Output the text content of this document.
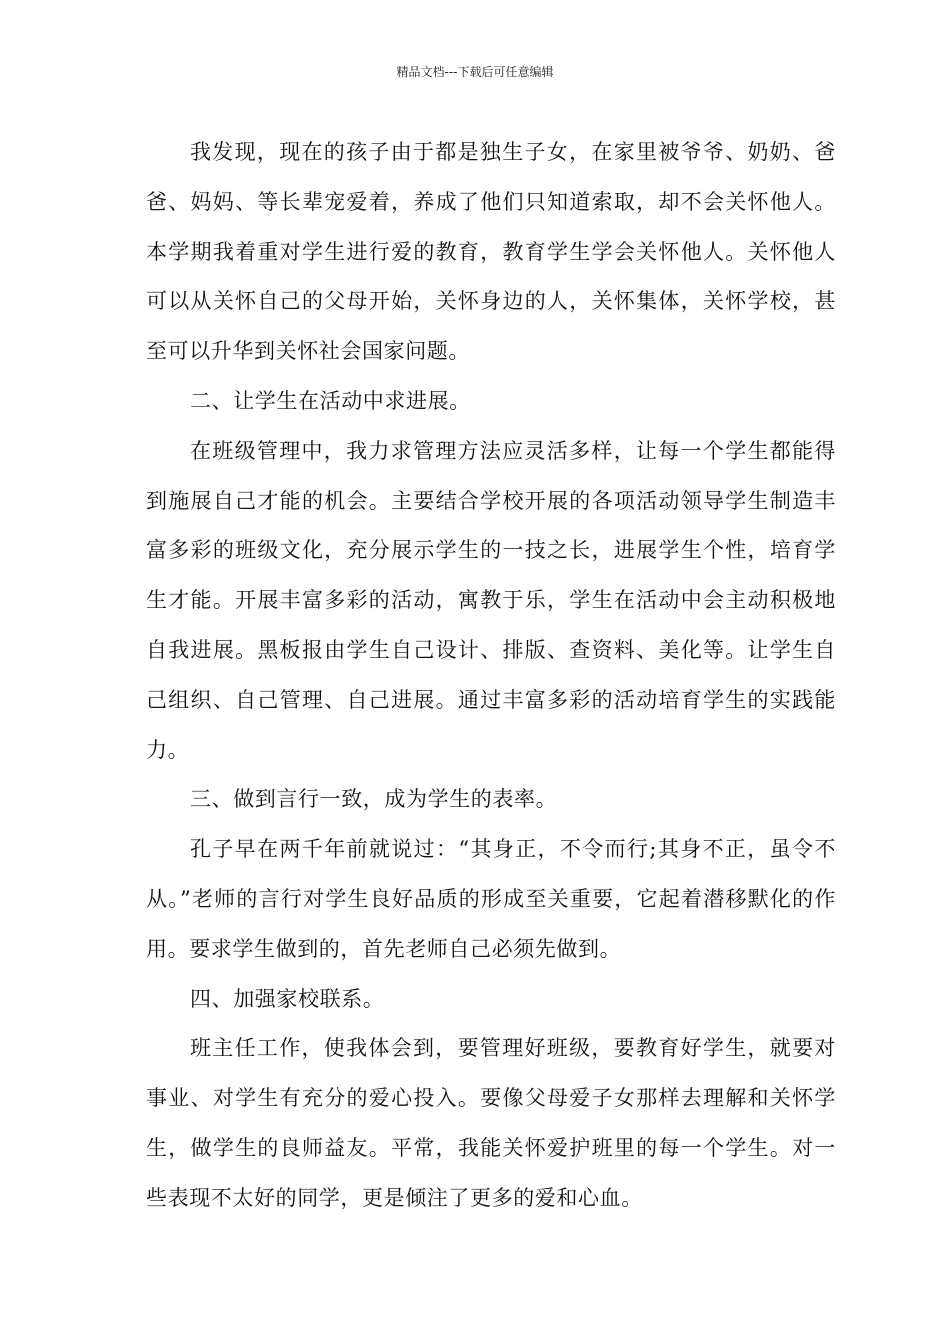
精品文档---下载后可任意编辑

我发现，现在的孩子由于都是独生子女，在家里被爷爷、奶奶、爸爸、妈妈、等长辈宠爱着，养成了他们只知道索取，却不会关怀他人。本学期我着重对学生进行爱的教育，教育学生学会关怀他人。关怀他人可以从关怀自己的父母开始，关怀身边的人，关怀集体，关怀学校，甚至可以升华到关怀社会国家问题。

二、让学生在活动中求进展。

在班级管理中，我力求管理方法应灵活多样，让每一个学生都能得到施展自己才能的机会。主要结合学校开展的各项活动领导学生制造丰富多彩的班级文化，充分展示学生的一技之长，进展学生个性，培育学生才能。开展丰富多彩的活动，寓教于乐，学生在活动中会主动积极地自我进展。黑板报由学生自己设计、排版、查资料、美化等。让学生自己组织、自己管理、自己进展。通过丰富多彩的活动培育学生的实践能力。

三、做到言行一致，成为学生的表率。

孔子早在两千年前就说过：“其身正，不令而行;其身不正，虽令不从。”老师的言行对学生良好品质的形成至关重要，它起着潜移默化的作用。要求学生做到的，首先老师自己必须先做到。

四、加强家校联系。

班主任工作，使我体会到，要管理好班级，要教育好学生，就要对事业、对学生有充分的爱心投入。要像父母爱子女那样去理解和关怀学生，做学生的良师益友。平常，我能关怀爱护班里的每一个学生。对一些表现不太好的同学，更是倾注了更多的爱和心血。
